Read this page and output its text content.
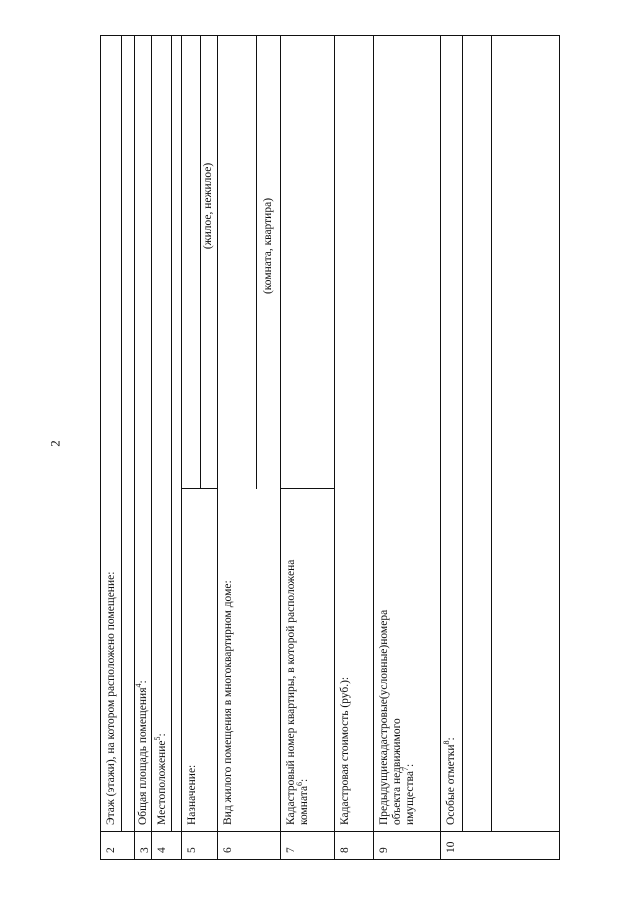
2
2
Этаж (этажи), на котором расположено помещение:
3
Общая площадь помещения$^4$:
4
Местоположение$^5$:
5
Назначение:
(жилое, нежилое)
6
Вид жилого помещения в многоквартирном доме:
(комната, квартира)
7
Кадастровый номер квартиры, в которой расположена комната$^6$:
8
Кадастровая стоимость (руб.):
9
Предыдущие
кадастровые
(условные)
номера
объекта недвижимого имущества$^7$:
10
Особые отметки$^8$:
